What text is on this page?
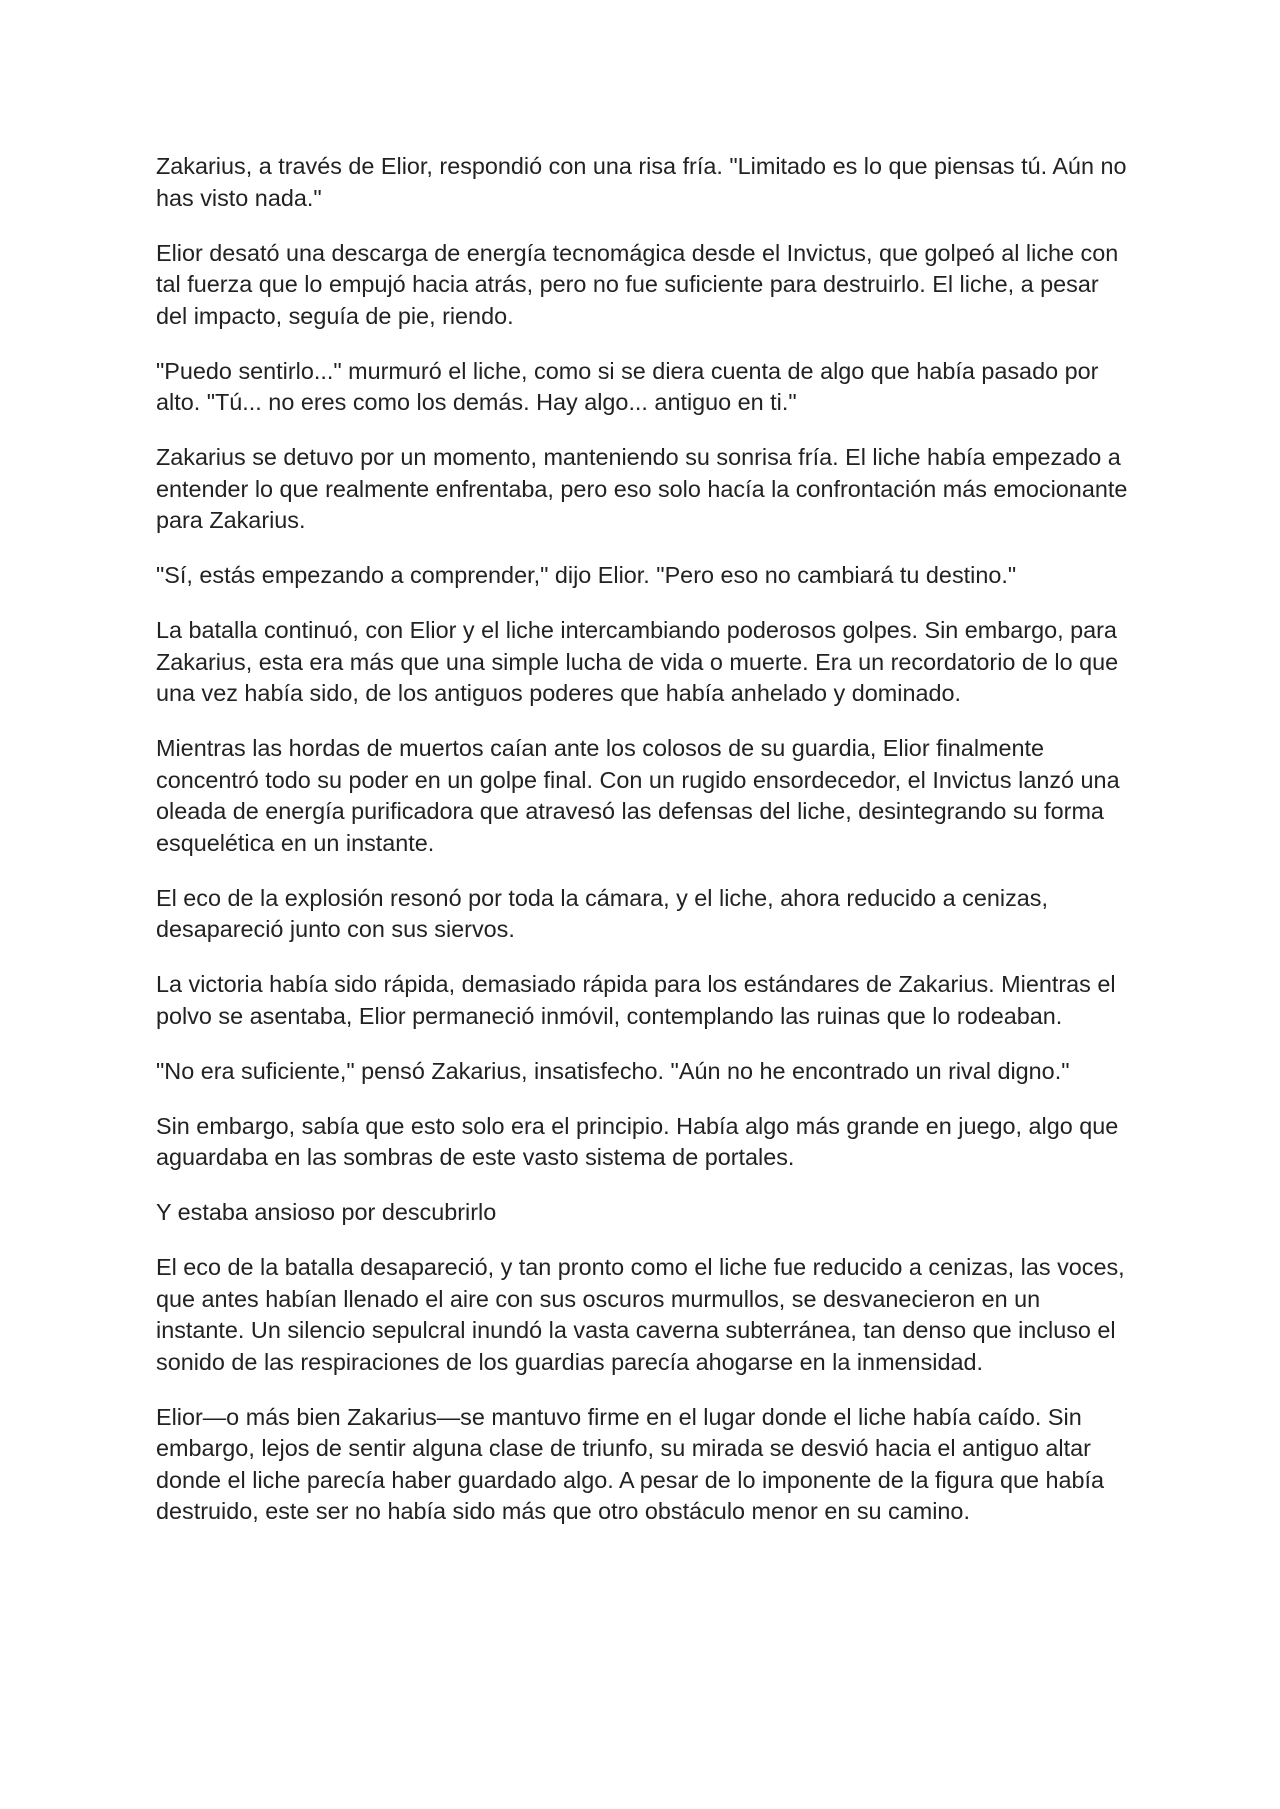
Zakarius, a través de Elior, respondió con una risa fría. "Limitado es lo que piensas tú. Aún no has visto nada."

Elior desató una descarga de energía tecnomágica desde el Invictus, que golpeó al liche con tal fuerza que lo empujó hacia atrás, pero no fue suficiente para destruirlo. El liche, a pesar del impacto, seguía de pie, riendo.

"Puedo sentirlo..." murmuró el liche, como si se diera cuenta de algo que había pasado por alto. "Tú... no eres como los demás. Hay algo... antiguo en ti."

Zakarius se detuvo por un momento, manteniendo su sonrisa fría. El liche había empezado a entender lo que realmente enfrentaba, pero eso solo hacía la confrontación más emocionante para Zakarius.

"Sí, estás empezando a comprender," dijo Elior. "Pero eso no cambiará tu destino."

La batalla continuó, con Elior y el liche intercambiando poderosos golpes. Sin embargo, para Zakarius, esta era más que una simple lucha de vida o muerte. Era un recordatorio de lo que una vez había sido, de los antiguos poderes que había anhelado y dominado.

Mientras las hordas de muertos caían ante los colosos de su guardia, Elior finalmente concentró todo su poder en un golpe final. Con un rugido ensordecedor, el Invictus lanzó una oleada de energía purificadora que atravesó las defensas del liche, desintegrando su forma esquelética en un instante.

El eco de la explosión resonó por toda la cámara, y el liche, ahora reducido a cenizas, desapareció junto con sus siervos.

La victoria había sido rápida, demasiado rápida para los estándares de Zakarius. Mientras el polvo se asentaba, Elior permaneció inmóvil, contemplando las ruinas que lo rodeaban.

"No era suficiente," pensó Zakarius, insatisfecho. "Aún no he encontrado un rival digno."

Sin embargo, sabía que esto solo era el principio. Había algo más grande en juego, algo que aguardaba en las sombras de este vasto sistema de portales.

Y estaba ansioso por descubrirlo

El eco de la batalla desapareció, y tan pronto como el liche fue reducido a cenizas, las voces, que antes habían llenado el aire con sus oscuros murmullos, se desvanecieron en un instante. Un silencio sepulcral inundó la vasta caverna subterránea, tan denso que incluso el sonido de las respiraciones de los guardias parecía ahogarse en la inmensidad.

Elior—o más bien Zakarius—se mantuvo firme en el lugar donde el liche había caído. Sin embargo, lejos de sentir alguna clase de triunfo, su mirada se desvió hacia el antiguo altar donde el liche parecía haber guardado algo. A pesar de lo imponente de la figura que había destruido, este ser no había sido más que otro obstáculo menor en su camino.
